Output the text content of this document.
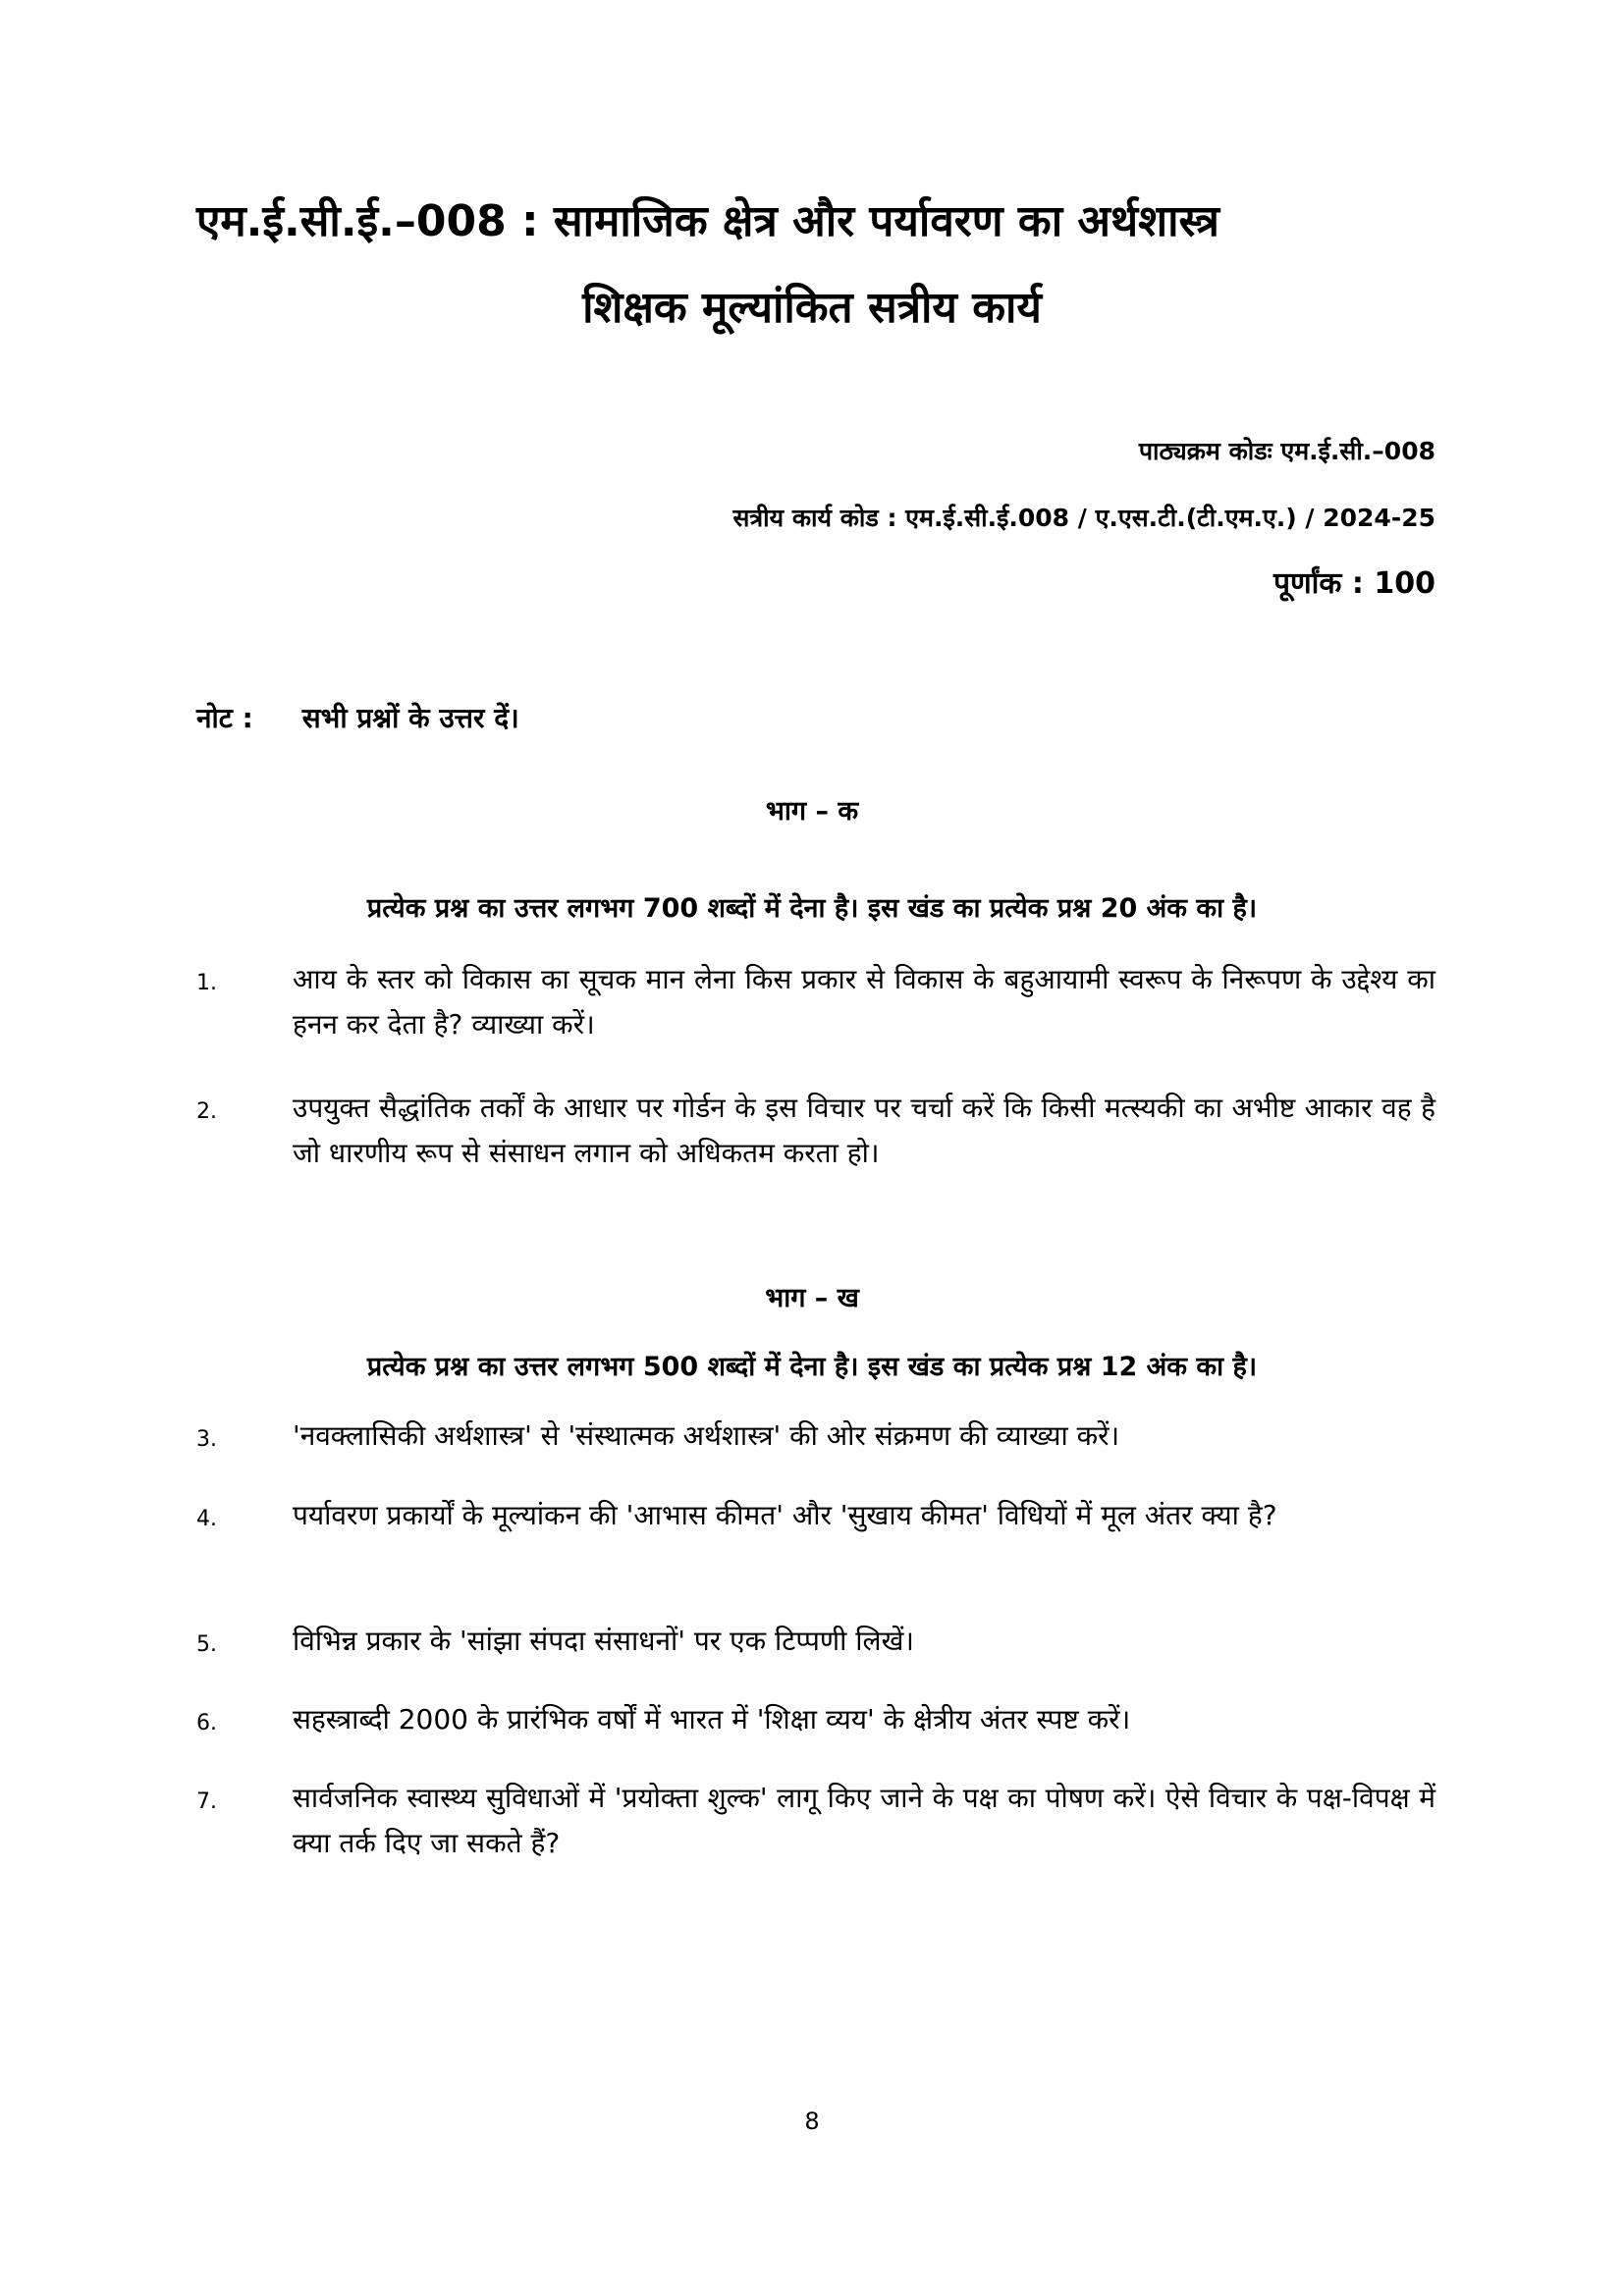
एम.ई.सी.ई.–008 : सामाजिक क्षेत्र और पर्यावरण का अर्थशास्त्र
शिक्षक मूल्यांकित सत्रीय कार्य
पाठ्यक्रम कोडः एम.ई.सी.–008
सत्रीय कार्य कोड : एम.ई.सी.ई.008 / ए.एस.टी.(टी.एम.ए.) / 2024-25
पूर्णांक : 100
नोट : सभी प्रश्नों के उत्तर दें।
भाग – क
प्रत्येक प्रश्न का उत्तर लगभग 700 शब्दों में देना है। इस खंड का प्रत्येक प्रश्न 20 अंक का है।
1.	आय के स्तर को विकास का सूचक मान लेना किस प्रकार से विकास के बहुआयामी स्वरूप के निरूपण के उद्देश्य का हनन कर देता है? व्याख्या करें।
2.	उपयुक्त सैद्धांतिक तर्कों के आधार पर गोर्डन के इस विचार पर चर्चा करें कि किसी मत्स्यकी का अभीष्ट आकार वह है जो धारणीय रूप से संसाधन लगान को अधिकतम करता हो।
भाग – ख
प्रत्येक प्रश्न का उत्तर लगभग 500 शब्दों में देना है। इस खंड का प्रत्येक प्रश्न 12 अंक का है।
3.	'नवक्लासिकी अर्थशास्त्र' से 'संस्थात्मक अर्थशास्त्र' की ओर संक्रमण की व्याख्या करें।
4.	पर्यावरण प्रकार्यों के मूल्यांकन की 'आभास कीमत' और 'सुखाय कीमत' विधियों में मूल अंतर क्या है?
5.	विभिन्न प्रकार के 'सांझा संपदा संसाधनों' पर एक टिप्पणी लिखें।
6.	सहस्त्राब्दी 2000 के प्रारंभिक वर्षों में भारत में 'शिक्षा व्यय' के क्षेत्रीय अंतर स्पष्ट करें।
7.	सार्वजनिक स्वास्थ्य सुविधाओं में 'प्रयोक्ता शुल्क' लागू किए जाने के पक्ष का पोषण करें। ऐसे विचार के पक्ष-विपक्ष में क्या तर्क दिए जा सकते हैं?
8
